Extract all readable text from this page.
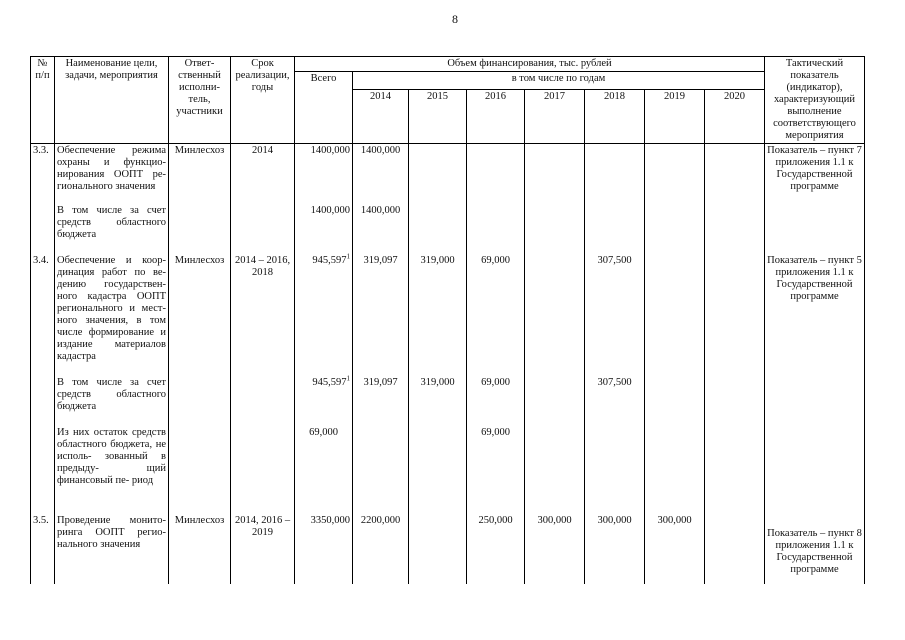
8
№ п/п	Наименование цели, задачи, мероприятия	Ответ- ственный исполни- тель, участники	Срок реализации, годы	Объем финансирования, тыс. рублей								Тактический показатель (индикатор), характеризующий выполнение соответствующего мероприятия
				Всего	в том числе по годам							
					2014	2015	2016	2017	2018	2019	2020	
3.3.	Обеспечение режима охраны и функцио- нирования ООПТ ре- гионального значения	Минлесхоз	2014	1400,000	1400,000							Показатель – пункт 7 приложения 1.1 к Государственной программе
	В том числе за счет средств областного бюджета			1400,000	1400,000							
3.4.	Обеспечение и коор- динация работ по ве- дению государствен- ного кадастра ООПТ регионального и мест- ного значения, в том числе формирование и издание материалов кадастра	Минлесхоз	2014 – 2016, 2018	945,597$^1$	319,097	319,000	69,000		307,500			Показатель – пункт 5 приложения 1.1 к Государственной программе
	В том числе за счет средств областного бюджета			945,597$^1$	319,097	319,000	69,000		307,500			
	Из них остаток средств областного бюджета, не исполь- зованный в предыду- щий финансовый пе- риод			69,000			69,000					
3.5.	Проведение монито- ринга ООПТ регио- нального значения	Минлесхоз	2014, 2016 – 2019	3350,000	2200,000		250,000	300,000	300,000	300,000		Показатель – пункт 8 приложения 1.1 к Государственной программе
